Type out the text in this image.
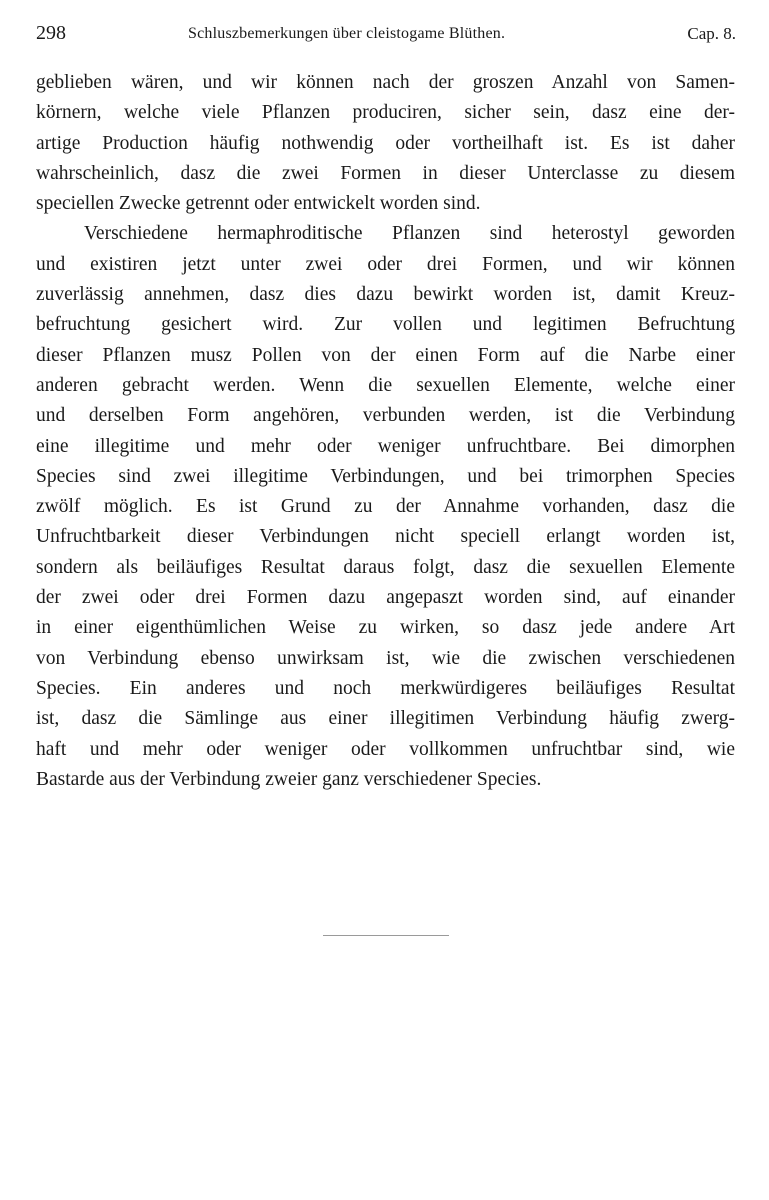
298	Schluszbemerkungen über cleistogame Blüthen.	Cap. 8.
geblieben wären, und wir können nach der groszen Anzahl von Samen-
körnern, welche viele Pflanzen produciren, sicher sein, dasz eine der-
artige Production häufig nothwendig oder vortheilhaft ist. Es ist daher
wahrscheinlich, dasz die zwei Formen in dieser Unterclasse zu diesem
speciellen Zwecke getrennt oder entwickelt worden sind.
Verschiedene hermaphroditische Pflanzen sind heterostyl geworden
und existiren jetzt unter zwei oder drei Formen, und wir können
zuverlässig annehmen, dasz dies dazu bewirkt worden ist, damit Kreuz-
befruchtung gesichert wird. Zur vollen und legitimen Befruchtung
dieser Pflanzen musz Pollen von der einen Form auf die Narbe einer
anderen gebracht werden. Wenn die sexuellen Elemente, welche einer
und derselben Form angehören, verbunden werden, ist die Verbindung
eine illegitime und mehr oder weniger unfruchtbare. Bei dimorphen
Species sind zwei illegitime Verbindungen, und bei trimorphen Species
zwölf möglich. Es ist Grund zu der Annahme vorhanden, dasz die
Unfruchtbarkeit dieser Verbindungen nicht speciell erlangt worden ist,
sondern als beiläufiges Resultat daraus folgt, dasz die sexuellen Elemente
der zwei oder drei Formen dazu angepaszt worden sind, auf einander
in einer eigenthümlichen Weise zu wirken, so dasz jede andere Art
von Verbindung ebenso unwirksam ist, wie die zwischen verschiedenen
Species. Ein anderes und noch merkwürdigeres beiläufiges Resultat
ist, dasz die Sämlinge aus einer illegitimen Verbindung häufig zwerg-
haft und mehr oder weniger oder vollkommen unfruchtbar sind, wie
Bastarde aus der Verbindung zweier ganz verschiedener Species.
